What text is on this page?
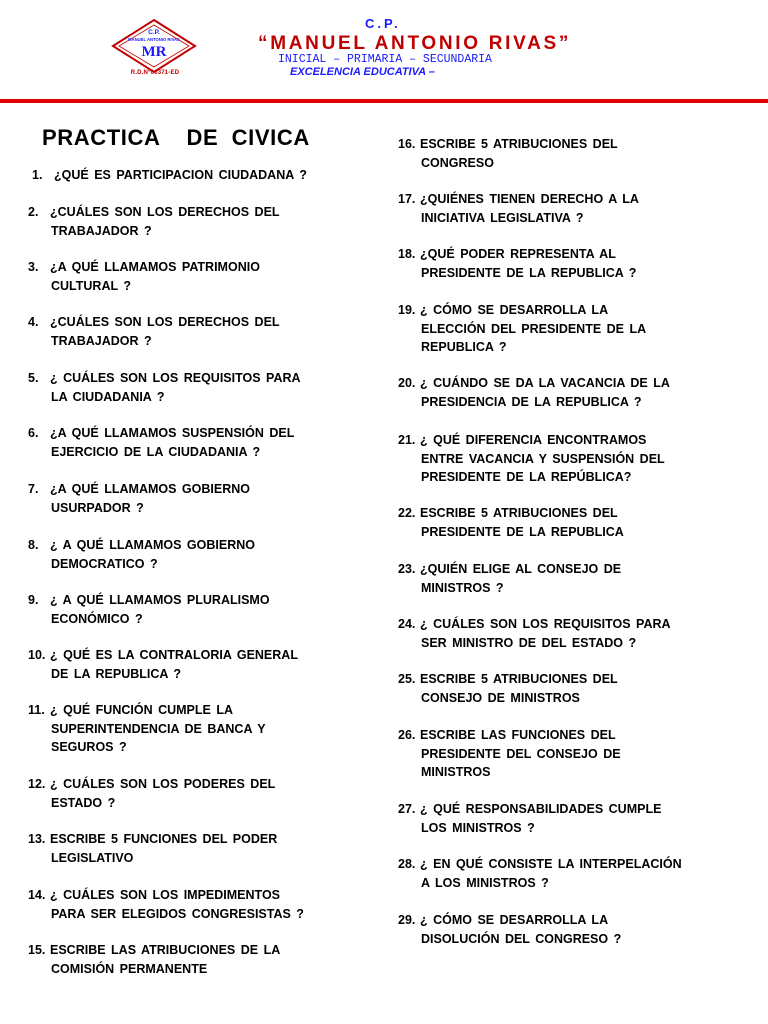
C.P.
MANUEL ANTONIO RIVAS
MR
R.D.N°00371-ED
C.P.
“MANUEL ANTONIO RIVAS”
INICIAL – PRIMARIA – SECUNDARIA
EXCELENCIA EDUCATIVA –
PRACTICA    DE  CIVICA
1. ¿QUÉ ES PARTICIPACION CIUDADANA ?
2. ¿CUÁLES SON LOS DERECHOS DEL
TRABAJADOR ?
3. ¿A QUÉ LLAMAMOS PATRIMONIO
CULTURAL ?
4. ¿CUÁLES SON LOS DERECHOS DEL
TRABAJADOR ?
5. ¿ CUÁLES SON LOS REQUISITOS PARA
LA CIUDADANIA ?
6. ¿A QUÉ LLAMAMOS SUSPENSIÓN DEL
EJERCICIO DE LA CIUDADANIA ?
7. ¿A QUÉ LLAMAMOS GOBIERNO
USURPADOR ?
8. ¿ A QUÉ LLAMAMOS GOBIERNO
DEMOCRATICO ?
9. ¿ A QUÉ LLAMAMOS PLURALISMO
ECONÓMICO ?
10. ¿ QUÉ ES LA CONTRALORIA GENERAL
DE LA REPUBLICA ?
11. ¿ QUÉ FUNCIÓN CUMPLE LA
SUPERINTENDENCIA DE BANCA Y
SEGUROS ?
12. ¿ CUÁLES SON LOS PODERES DEL
ESTADO ?
13. ESCRIBE 5 FUNCIONES DEL PODER
LEGISLATIVO
14. ¿ CUÁLES SON LOS IMPEDIMENTOS
PARA SER ELEGIDOS CONGRESISTAS ?
15. ESCRIBE LAS ATRIBUCIONES DE LA
COMISIÓN PERMANENTE
16. ESCRIBE 5 ATRIBUCIONES DEL
CONGRESO
17. ¿QUIÉNES TIENEN DERECHO A LA
INICIATIVA LEGISLATIVA ?
18. ¿QUÉ PODER REPRESENTA AL
PRESIDENTE DE LA REPUBLICA ?
19. ¿ CÓMO SE DESARROLLA LA
ELECCIÓN DEL PRESIDENTE DE LA
REPUBLICA ?
20. ¿ CUÁNDO SE DA LA VACANCIA DE LA
PRESIDENCIA DE LA REPUBLICA ?
21. ¿ QUÉ DIFERENCIA ENCONTRAMOS
ENTRE VACANCIA Y SUSPENSIÓN DEL
PRESIDENTE DE LA REPÚBLICA?
22. ESCRIBE 5 ATRIBUCIONES DEL
PRESIDENTE DE LA REPUBLICA
23. ¿QUIÉN ELIGE AL CONSEJO DE
MINISTROS ?
24. ¿ CUÁLES SON LOS REQUISITOS PARA
SER MINISTRO DE DEL ESTADO ?
25. ESCRIBE 5 ATRIBUCIONES DEL
CONSEJO DE MINISTROS
26. ESCRIBE LAS FUNCIONES DEL
PRESIDENTE DEL CONSEJO DE
MINISTROS
27. ¿ QUÉ RESPONSABILIDADES CUMPLE
LOS MINISTROS ?
28. ¿ EN QUÉ CONSISTE LA INTERPELACIÓN
A LOS MINISTROS ?
29. ¿ CÓMO SE DESARROLLA LA
DISOLUCIÓN DEL CONGRESO ?
